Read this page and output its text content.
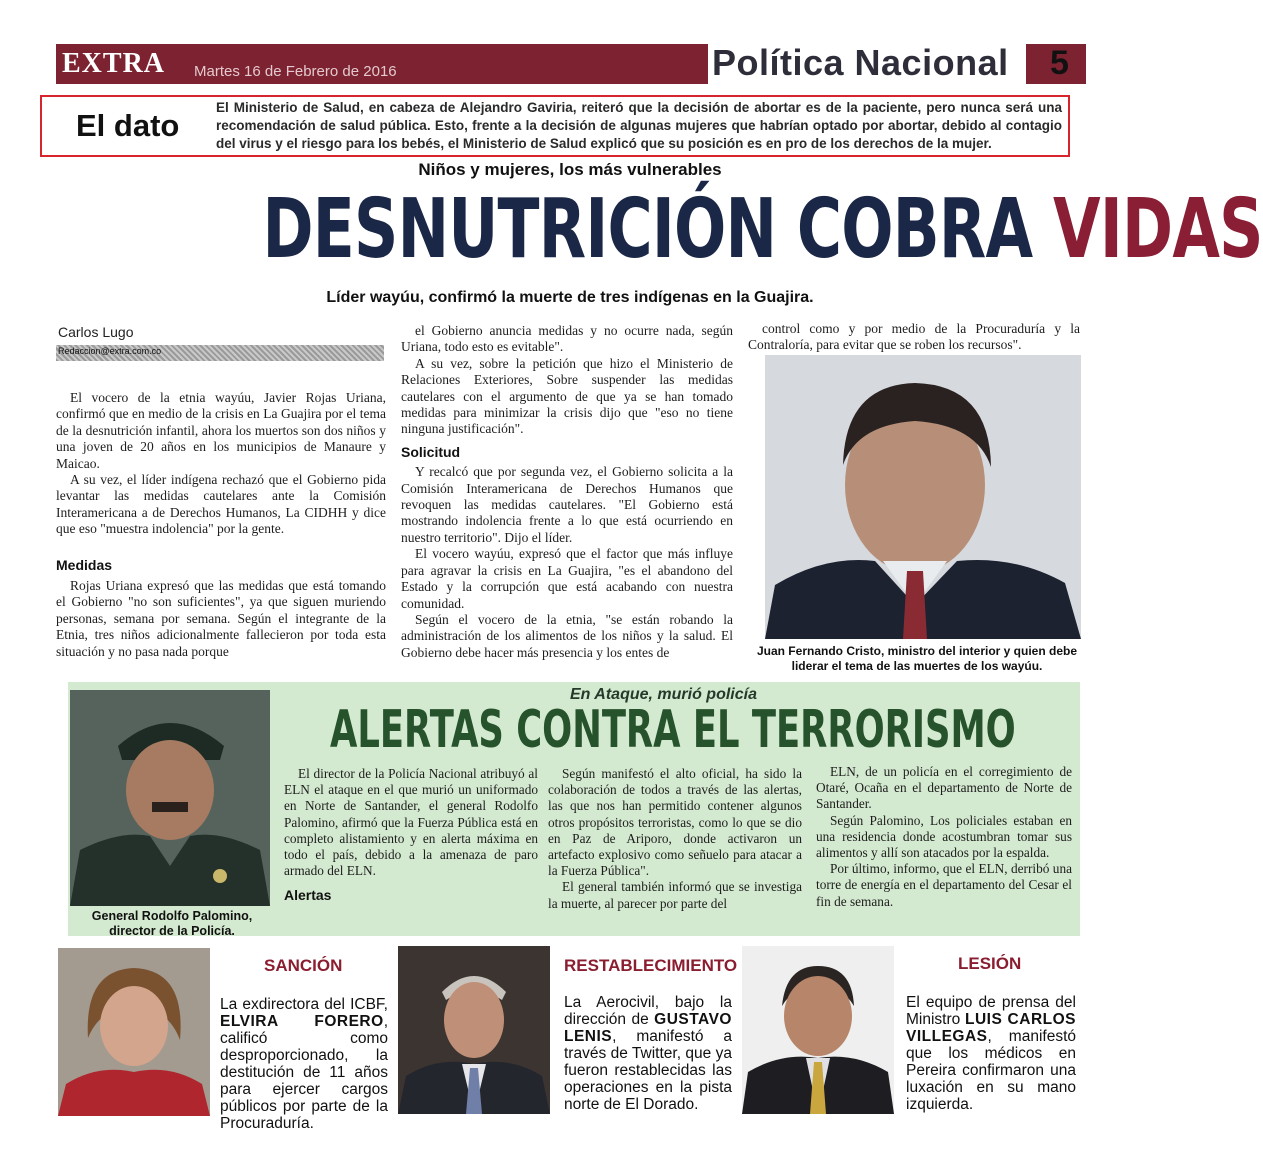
EXTRA Martes 16 de Febrero de 2016	Política Nacional	5
El dato
El Ministerio de Salud, en cabeza de Alejandro Gaviria, reiteró que la decisión de abortar es de la paciente, pero nunca será una recomendación de salud pública. Esto, frente a la decisión de algunas mujeres que habrían optado por abortar, debido al contagio del virus y el riesgo para los bebés, el Ministerio de Salud explicó que su posición es en pro de los derechos de la mujer.
Niños y mujeres, los más vulnerables
DESNUTRICIÓN COBRA VIDAS
Líder wayúu, confirmó la muerte de tres indígenas en la Guajira.
Carlos Lugo
Redaccion@extra.com.co

El vocero de la etnia wayúu, Javier Rojas Uriana, confirmó que en medio de la crisis en La Guajira por el tema de la desnutrición infantil, ahora los muertos son dos niños y una joven de 20 años en los municipios de Manaure y Maicao.

A su vez, el líder indígena rechazó que el Gobierno pida levantar las medidas cautelares ante la Comisión Interamericana a de Derechos Humanos, La CIDHH y dice que eso "muestra indolencia" por la gente.

Medidas

Rojas Uriana expresó que las medidas que está tomando el Gobierno "no son suficientes", ya que siguen muriendo personas, semana por semana. Según el integrante de la Etnia, tres niños adicionalmente fallecieron por toda esta situación y no pasa nada porque

el Gobierno anuncia medidas y no ocurre nada, según Uriana, todo esto es evitable".

A su vez, sobre la petición que hizo el Ministerio de Relaciones Exteriores, Sobre suspender las medidas cautelares con el argumento de que ya se han tomado medidas para minimizar la crisis dijo que "eso no tiene ninguna justificación".

Solicitud

Y recalcó que por segunda vez, el Gobierno solicita a la Comisión Interamericana de Derechos Humanos que revoquen las medidas cautelares. "El Gobierno está mostrando indolencia frente a lo que está ocurriendo en nuestro territorio". Dijo el líder.

El vocero wayúu, expresó que el factor que más influye para agravar la crisis en La Guajira, "es el abandono del Estado y la corrupción que está acabando con nuestra comunidad.

Según el vocero de la etnia, "se están robando la administración de los alimentos de los niños y la salud. El Gobierno debe hacer más presencia y los entes de

control como y por medio de la Procuraduría y la Contraloría, para evitar que se roben los recursos".

Juan Fernando Cristo, ministro del interior y quien debe liderar el tema de las muertes de los wayúu.
General Rodolfo Palomino, director de la Policía.
En Ataque, murió policía
ALERTAS CONTRA EL TERRORISMO

El director de la Policía Nacional atribuyó al ELN el ataque en el que murió un uniformado en Norte de Santander, el general Rodolfo Palomino, afirmó que la Fuerza Pública está en completo alistamiento y en alerta máxima en todo el país, debido a la amenaza de paro armado del ELN.

Alertas

Según manifestó el alto oficial, ha sido la colaboración de todos a través de las alertas, las que nos han permitido contener algunos otros propósitos terroristas, como lo que se dio en Paz de Ariporo, donde activaron un artefacto explosivo como señuelo para atacar a la Fuerza Pública".

El general también informó que se investiga la muerte, al parecer por parte del

ELN, de un policía en el corregimiento de Otaré, Ocaña en el departamento de Norte de Santander.

Según Palomino, Los policiales estaban en una residencia donde acostumbran tomar sus alimentos y allí son atacados por la espalda.

Por último, informo, que el ELN, derribó una torre de energía en el departamento del Cesar el fin de semana.

SANCIÓN
La exdirectora del ICBF, ELVIRA FORERO, calificó como desproporcionado, la destitución de 11 años para ejercer cargos públicos por parte de la Procuraduría.
RESTABLECIMIENTO
La Aerocivil, bajo la dirección de GUSTAVO LENIS, manifestó a través de Twitter, que ya fueron restablecidas las operaciones en la pista norte de El Dorado.
LESIÓN
El equipo de prensa del Ministro LUIS CARLOS VILLEGAS, manifestó que los médicos en Pereira confirmaron una luxación en su mano izquierda.
